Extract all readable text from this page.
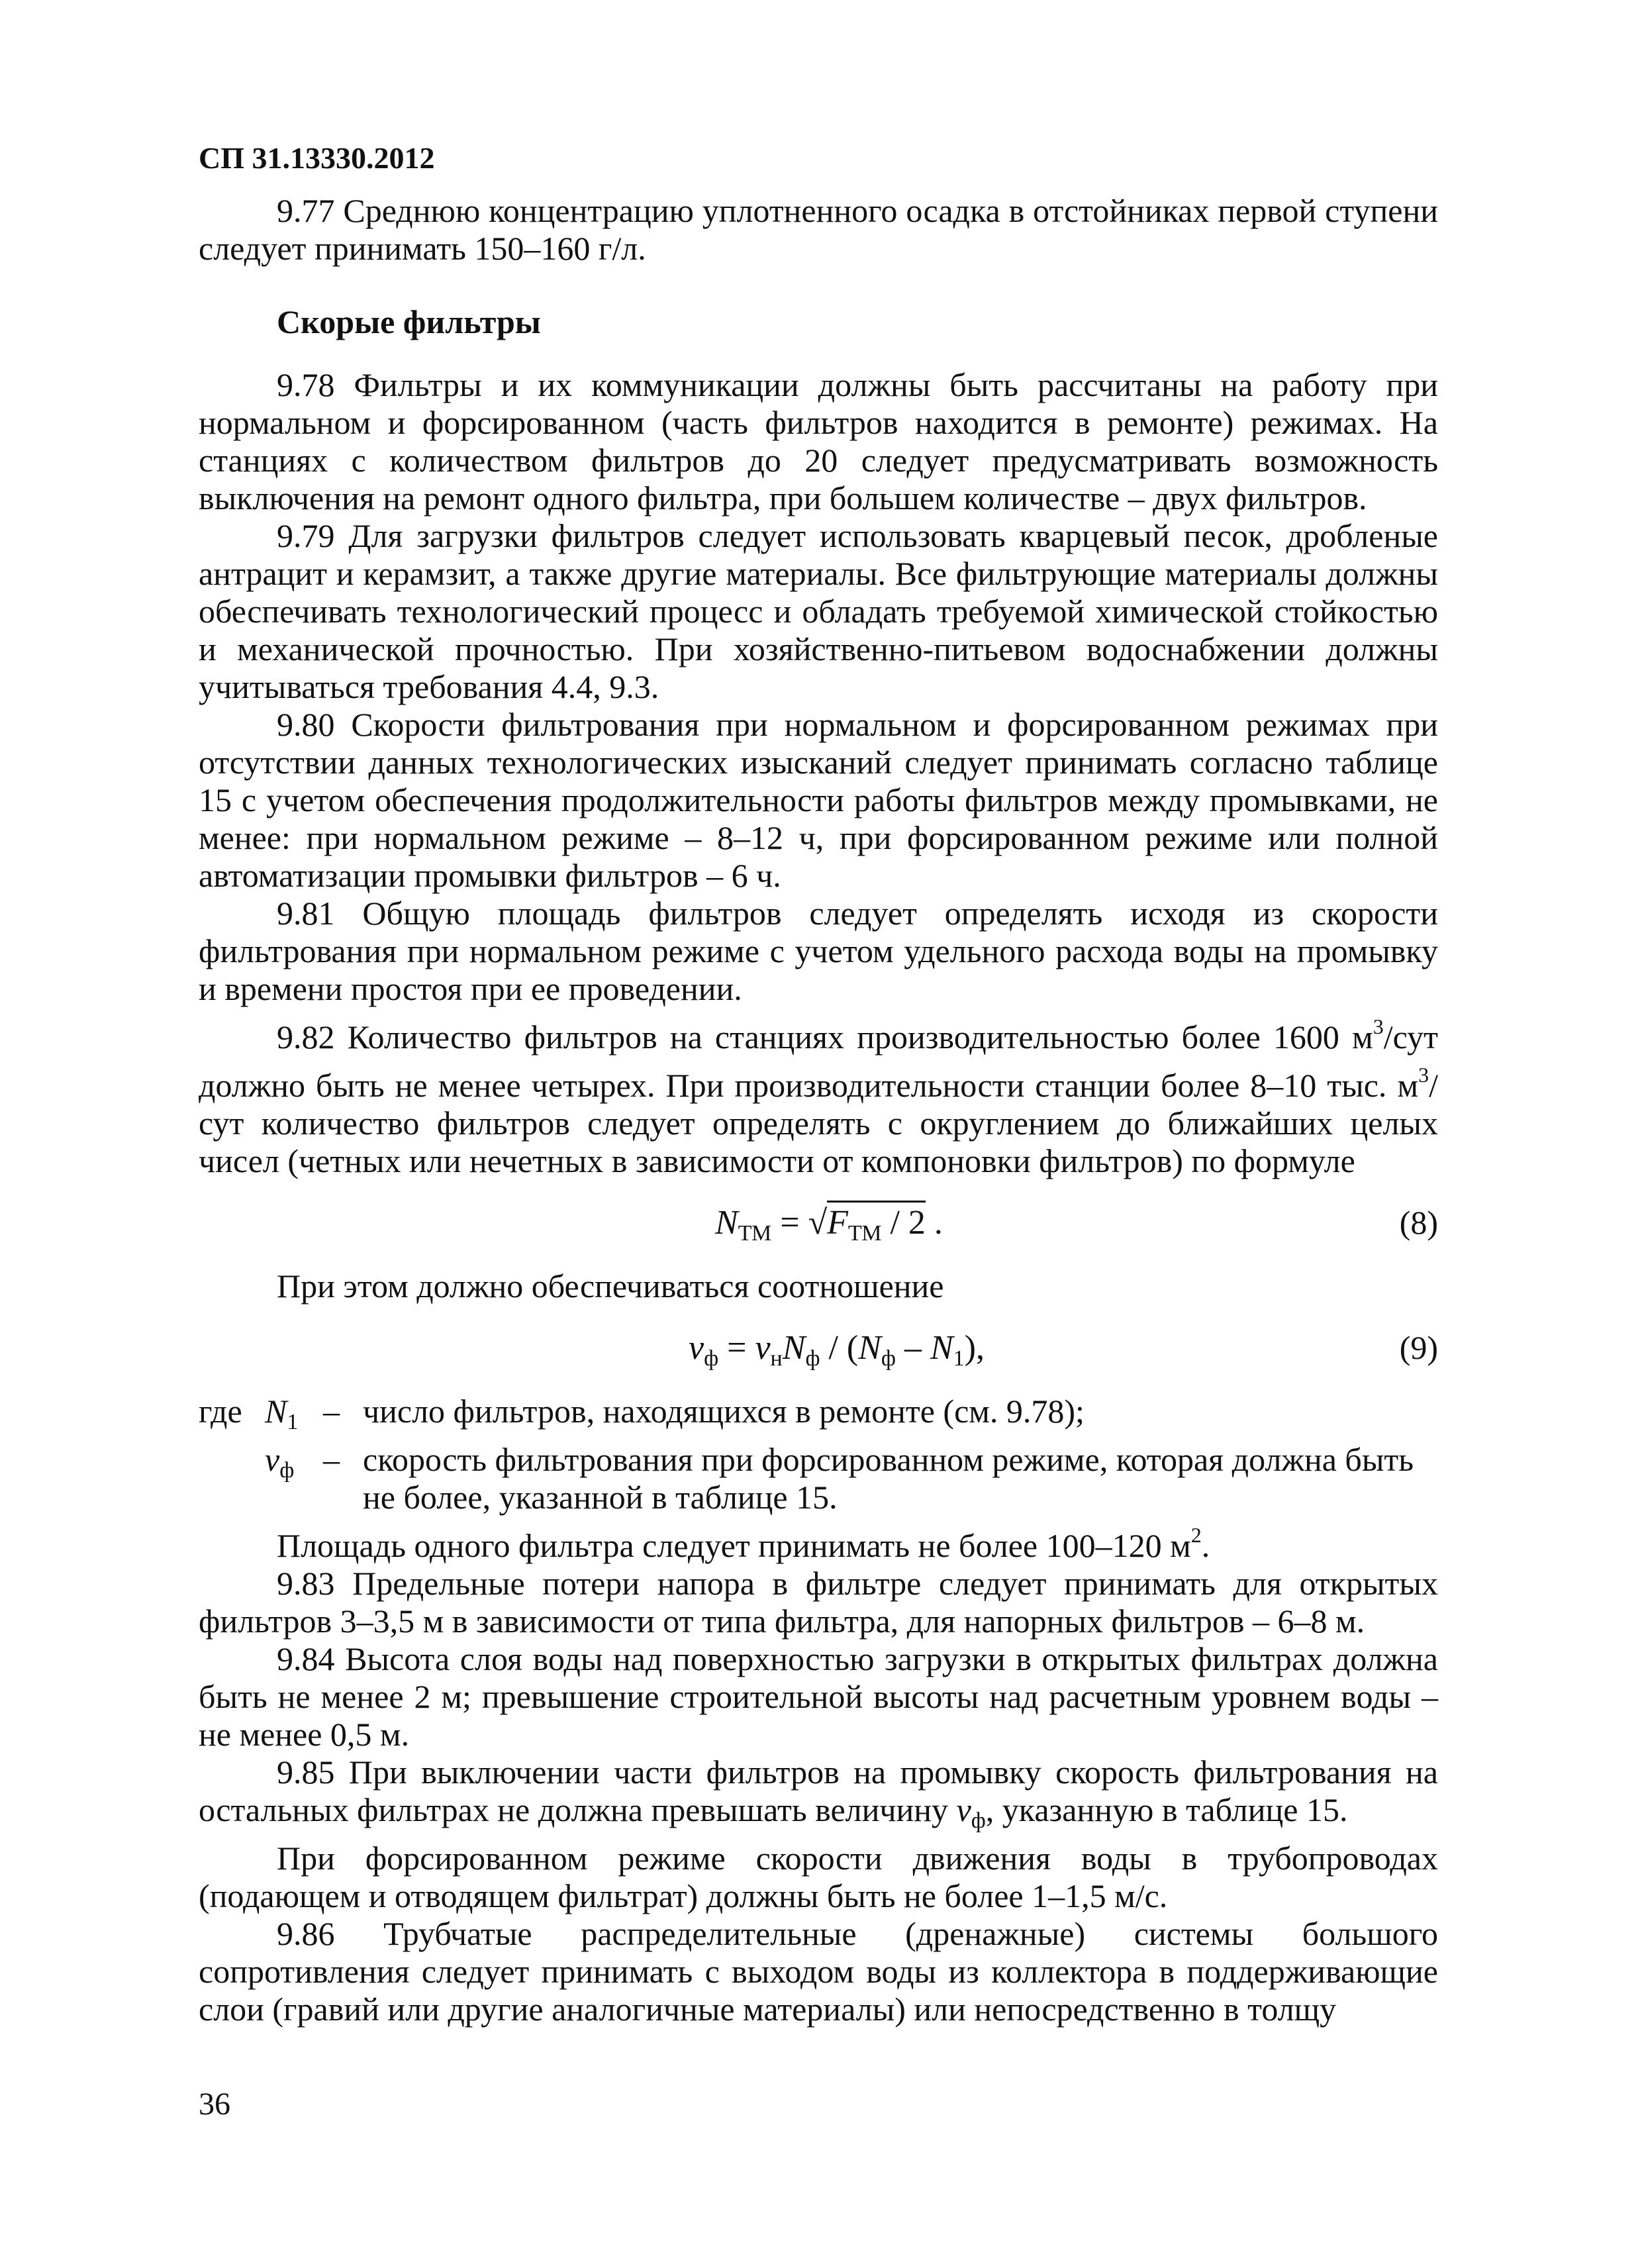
СП 31.13330.2012

9.77 Среднюю концентрацию уплотненного осадка в отстойниках первой ступени следует принимать 150–160 г/л.

Скорые фильтры

9.78 Фильтры и их коммуникации должны быть рассчитаны на работу при нормальном и форсированном (часть фильтров находится в ремонте) режимах. На станциях с количеством фильтров до 20 следует предусматривать возможность выключения на ремонт одного фильтра, при большем количестве – двух фильтров.

9.79 Для загрузки фильтров следует использовать кварцевый песок, дробленые антрацит и керамзит, а также другие материалы. Все фильтрующие материалы должны обеспечивать технологический процесс и обладать требуемой химической стойкостью и механической прочностью. При хозяйственно-питьевом водоснабжении должны учитываться требования 4.4, 9.3.

9.80 Скорости фильтрования при нормальном и форсированном режимах при отсутствии данных технологических изысканий следует принимать согласно таблице 15 с учетом обеспечения продолжительности работы фильтров между промывками, не менее: при нормальном режиме – 8–12 ч, при форсированном режиме или полной автоматизации промывки фильтров – 6 ч.

9.81 Общую площадь фильтров следует определять исходя из скорости фильтрования при нормальном режиме с учетом удельного расхода воды на промывку и времени простоя при ее проведении.

9.82 Количество фильтров на станциях производительностью более 1600 $м^3$/сут должно быть не менее четырех. При производительности станции более 8–10 тыс. $м^3$/сут количество фильтров следует определять с округлением до ближайших целых чисел (четных или нечетных в зависимости от компоновки фильтров) по формуле

$N_{ТМ} = √F_{ТМ} / 2$ .	(8)

При этом должно обеспечиваться соотношение

$v_ф = v_нN_ф / (N_ф - N_1)$,	(9)
где $N_1$ – число фильтров, находящихся в ремонте (см. 9.78);
$v_ф$ – скорость фильтрования при форсированном режиме, которая должна быть не более, указанной в таблице 15.

Площадь одного фильтра следует принимать не более 100–120 $м^2$.

9.83 Предельные потери напора в фильтре следует принимать для открытых фильтров 3–3,5 м в зависимости от типа фильтра, для напорных фильтров – 6–8 м.

9.84 Высота слоя воды над поверхностью загрузки в открытых фильтрах должна быть не менее 2 м; превышение строительной высоты над расчетным уровнем воды – не менее 0,5 м.

9.85 При выключении части фильтров на промывку скорость фильтрования на остальных фильтрах не должна превышать величину $v_ф$, указанную в таблице 15.

При форсированном режиме скорости движения воды в трубопроводах (подающем и отводящем фильтрат) должны быть не более 1–1,5 м/с.

9.86 Трубчатые распределительные (дренажные) системы большого сопротивления следует принимать с выходом воды из коллектора в поддерживающие слои (гравий или другие аналогичные материалы) или непосредственно в толщу

36
